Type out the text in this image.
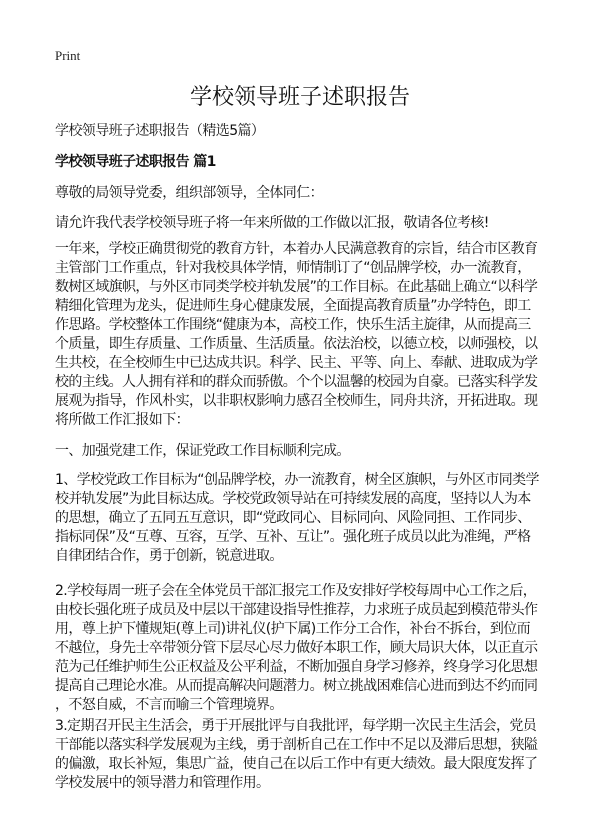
Print
学校领导班子述职报告
学校领导班子述职报告（精选5篇）
学校领导班子述职报告 篇1
尊敬的局领导党委，组织部领导，全体同仁：
请允许我代表学校领导班子将一年来所做的工作做以汇报，敬请各位考核!
一年来，学校正确贯彻党的教育方针，本着办人民满意教育的宗旨，结合市区教育
主管部门工作重点，针对我校具体学情，师情制订了“创品牌学校，办一流教育，
数树区域旗帜，与外区市同类学校并轨发展”的工作目标。在此基础上确立“以科学
精细化管理为龙头，促进师生身心健康发展，全面提高教育质量”办学特色，即工
作思路。学校整体工作围绕“健康为本，高校工作，快乐生活主旋律，从而提高三
个质量，即生存质量、工作质量、生活质量。依法治校，以德立校，以师强校，以
生共校，在全校师生中已达成共识。科学、民主、平等、向上、奉献、进取成为学
校的主线。人人拥有祥和的群众而骄傲。个个以温馨的校园为自豪。已落实科学发
展观为指导，作风朴实，以非职权影响力感召全校师生，同舟共济，开拓进取。现
将所做工作汇报如下：
一、加强党建工作，保证党政工作目标顺利完成。
1、学校党政工作目标为“创品牌学校，办一流教育，树全区旗帜，与外区市同类学
校并轨发展”为此目标达成。学校党政领导站在可持续发展的高度，坚持以人为本
的思想，确立了五同五互意识，即“党政同心、目标同向、风险同担、工作同步、
指标同保”及“互尊、互容，互学、互补、互让”。强化班子成员以此为准绳，严格
自律团结合作，勇于创新，锐意进取。
2.学校每周一班子会在全体党员干部汇报完工作及安排好学校每周中心工作之后，
由校长强化班子成员及中层以干部建设指导性推荐，力求班子成员起到模范带头作
用，尊上护下懂规矩(尊上司)讲礼仪(护下属)工作分工合作，补台不拆台，到位而
不越位，身先士卒带领分管下层尽心尽力做好本职工作，顾大局识大体，以正直示
范为己任维护师生公正权益及公平利益，不断加强自身学习修养，终身学习化思想
提高自己理论水准。从而提高解决问题潜力。树立挑战困难信心进而到达不约而同
，不怒自威，不言而喻三个管理境界。
3.定期召开民主生活会，勇于开展批评与自我批评，每学期一次民主生活会，党员
干部能以落实科学发展观为主线，勇于剖析自己在工作中不足以及滞后思想，狭隘
的偏激，取长补短，集思广益，使自己在以后工作中有更大绩效。最大限度发挥了
学校发展中的领导潜力和管理作用。
